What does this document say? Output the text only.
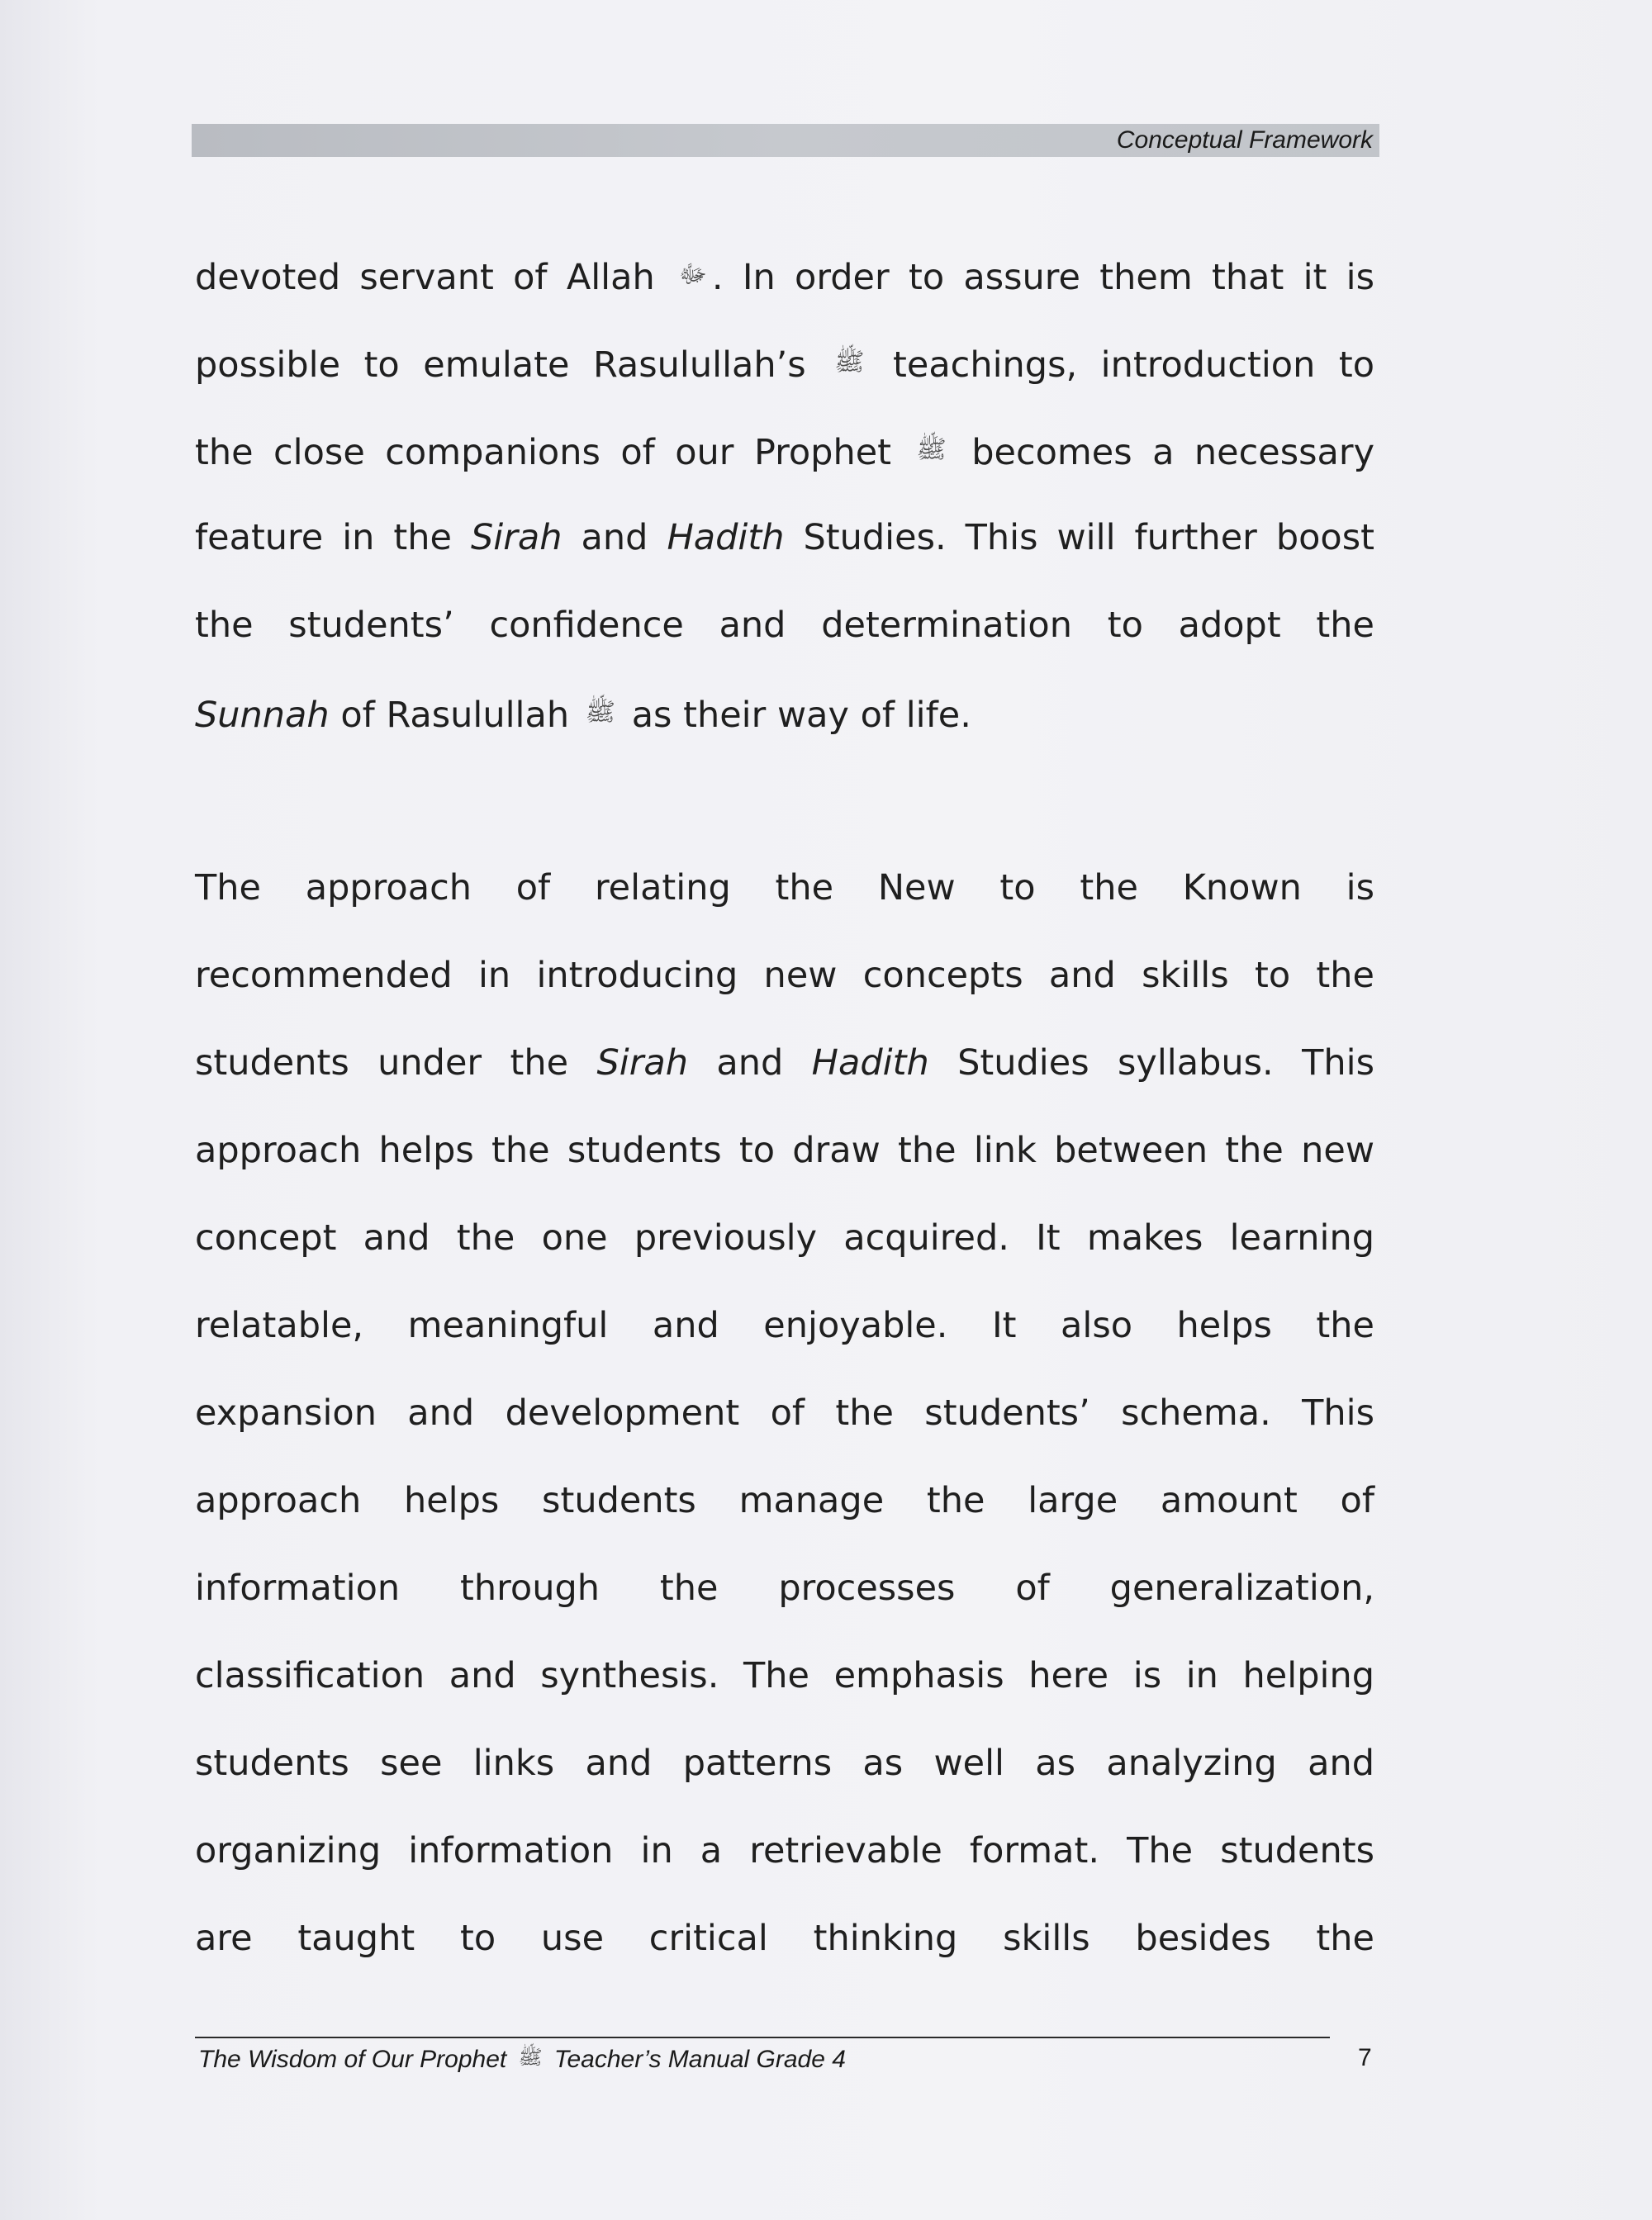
Conceptual Framework
devoted servant of Allah ﷻ . In order to assure them that it is
possible to emulate Rasulullah’s ﷺ teachings, introduction to
the close companions of our Prophet ﷺ becomes a necessary
feature in the Sirah and Hadith Studies. This will further boost
the students’ confidence and determination to adopt the
Sunnah of Rasulullah ﷺ as their way of life.
The approach of relating the New to the Known is
recommended in introducing new concepts and skills to the
students under the Sirah and Hadith Studies syllabus. This
approach helps the students to draw the link between the new
concept and the one previously acquired. It makes learning
relatable, meaningful and enjoyable. It also helps the
expansion and development of the students’ schema. This
approach helps students manage the large amount of
information through the processes of generalization,
classification and synthesis. The emphasis here is in helping
students see links and patterns as well as analyzing and
organizing information in a retrievable format. The students
are taught to use critical thinking skills besides the
The Wisdom of Our Prophet ﷺ Teacher’s Manual Grade 4	7
